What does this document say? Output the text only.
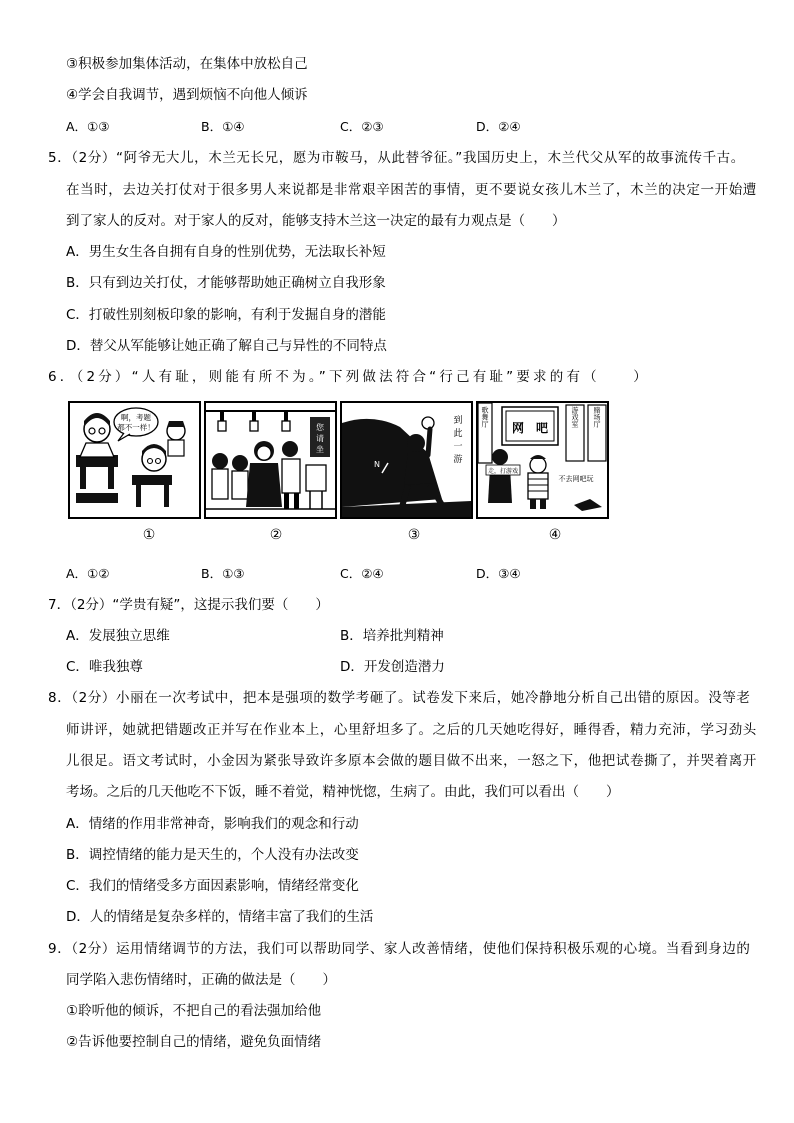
③积极参加集体活动，在集体中放松自己
④学会自我调节，遇到烦恼不向他人倾诉
A．①③	B．①④	C．②③	D．②④
5．（2分）“阿爷无大儿，木兰无长兄，愿为市鞍马，从此替爷征。”我国历史上，木兰代父从军的故事流传千古。
在当时，去边关打仗对于很多男人来说都是非常艰辛困苦的事情，更不要说女孩儿木兰了，木兰的决定一开始遭
到了家人的反对。对于家人的反对，能够支持木兰这一决定的最有力观点是（　　）
A．男生女生各自拥有自身的性别优势，无法取长补短
B．只有到边关打仗，才能够帮助她正确树立自我形象
C．打破性别刻板印象的影响，有利于发掘自身的潜能
D．替父从军能够让她正确了解自己与异性的不同特点
6．（2分）“人有耻，则能有所不为。”下列做法符合“行己有耻”要求的有（　　）
啊，考题
都不一样！	您
请
坐
N
到
此
一
游
歌舞厅
网　吧
游戏室 赌场厅
走，打游戏
不去网吧玩
①	②	③	④
A．①②	B．①③	C．②④	D．③④
7．（2分）“学贵有疑”，这提示我们要（　　）
A．发展独立思维	B．培养批判精神
C．唯我独尊	D．开发创造潜力
8．（2分）小丽在一次考试中，把本是强项的数学考砸了。试卷发下来后，她冷静地分析自己出错的原因。没等老
师讲评，她就把错题改正并写在作业本上，心里舒坦多了。之后的几天她吃得好，睡得香，精力充沛，学习劲头
儿很足。语文考试时，小金因为紧张导致许多原本会做的题目做不出来，一怒之下，他把试卷撕了，并哭着离开
考场。之后的几天他吃不下饭，睡不着觉，精神恍惚，生病了。由此，我们可以看出（　　）
A．情绪的作用非常神奇，影响我们的观念和行动
B．调控情绪的能力是天生的，个人没有办法改变
C．我们的情绪受多方面因素影响，情绪经常变化
D．人的情绪是复杂多样的，情绪丰富了我们的生活
9．（2分）运用情绪调节的方法，我们可以帮助同学、家人改善情绪，使他们保持积极乐观的心境。当看到身边的
同学陷入悲伤情绪时，正确的做法是（　　）
①聆听他的倾诉，不把自己的看法强加给他
②告诉他要控制自己的情绪，避免负面情绪
